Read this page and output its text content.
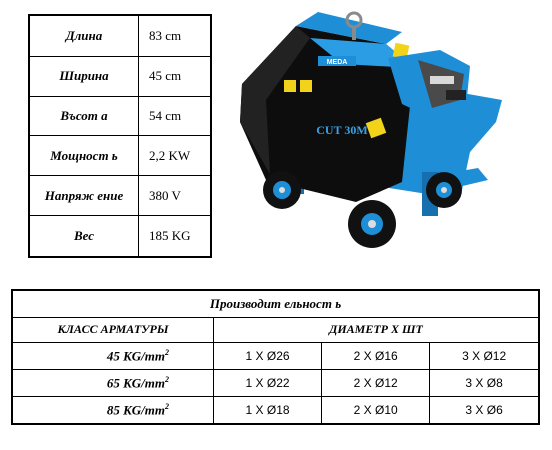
Длина	83 cm
Ширина	45 cm
Въсот а	54 cm
Мощност ь	2,2 KW
Напряж ение	380 V
Вес	185 KG
MEDA
CUT 30M
Производит ельност ь			
КЛАСС АРМАТУРЫ	ДИАМЕТР Х ШТ		
45 $KG/mm^2$	1 X Ø26	2 X Ø16	3 X Ø12
65 $KG/mm^2$	1 X Ø22	2 X Ø12	3 X Ø8
85 $KG/mm^2$	1 X Ø18	2 X Ø10	3 X Ø6
